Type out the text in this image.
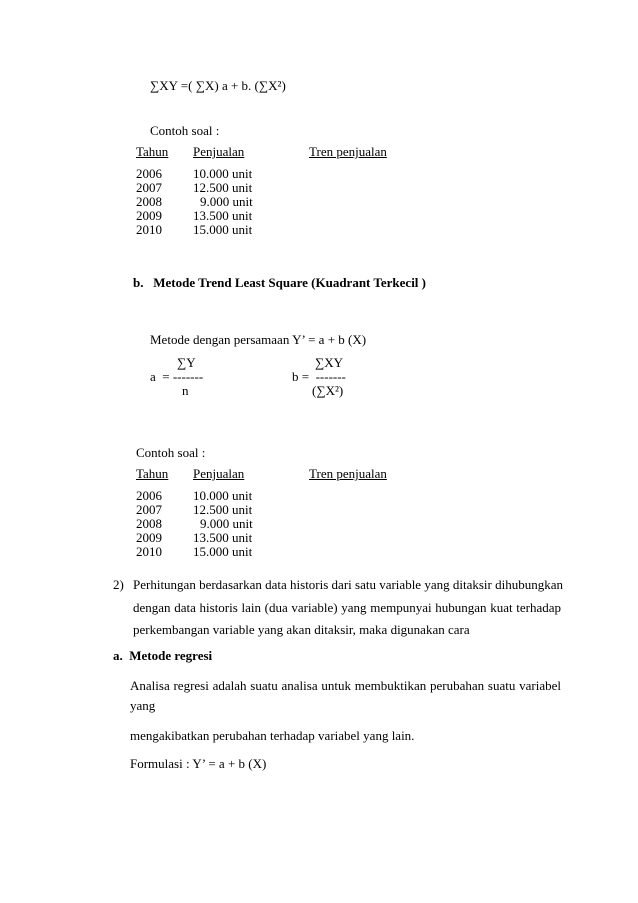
∑XY =( ∑X) a + b. (∑X²)
Contoh soal :
Tahun Penjualan	Tren penjualan
2006 10.000 unit
2007 12.500 unit
2008	9.000 unit
2009 13.500 unit
2010 15.000 unit
b.   Metode Trend Least Square (Kuadrant Terkecil )
Metode dengan persamaan Y’ = a + b (X)
∑Y
a  = -------
n
∑XY
b =  -------
(∑X²)
Contoh soal :
Tahun Penjualan	Tren penjualan
2006 10.000 unit
2007 12.500 unit
2008	9.000 unit
2009 13.500 unit
2010 15.000 unit
2) Perhitungan berdasarkan data historis dari satu variable yang ditaksir dihubungkan
dengan data historis lain (dua variable) yang mempunyai hubungan kuat terhadap
perkembangan variable yang akan ditaksir, maka digunakan cara
a.  Metode regresi
Analisa regresi adalah suatu analisa untuk membuktikan perubahan suatu variabel
yang
mengakibatkan perubahan terhadap variabel yang lain.
Formulasi : Y’ = a + b (X)
